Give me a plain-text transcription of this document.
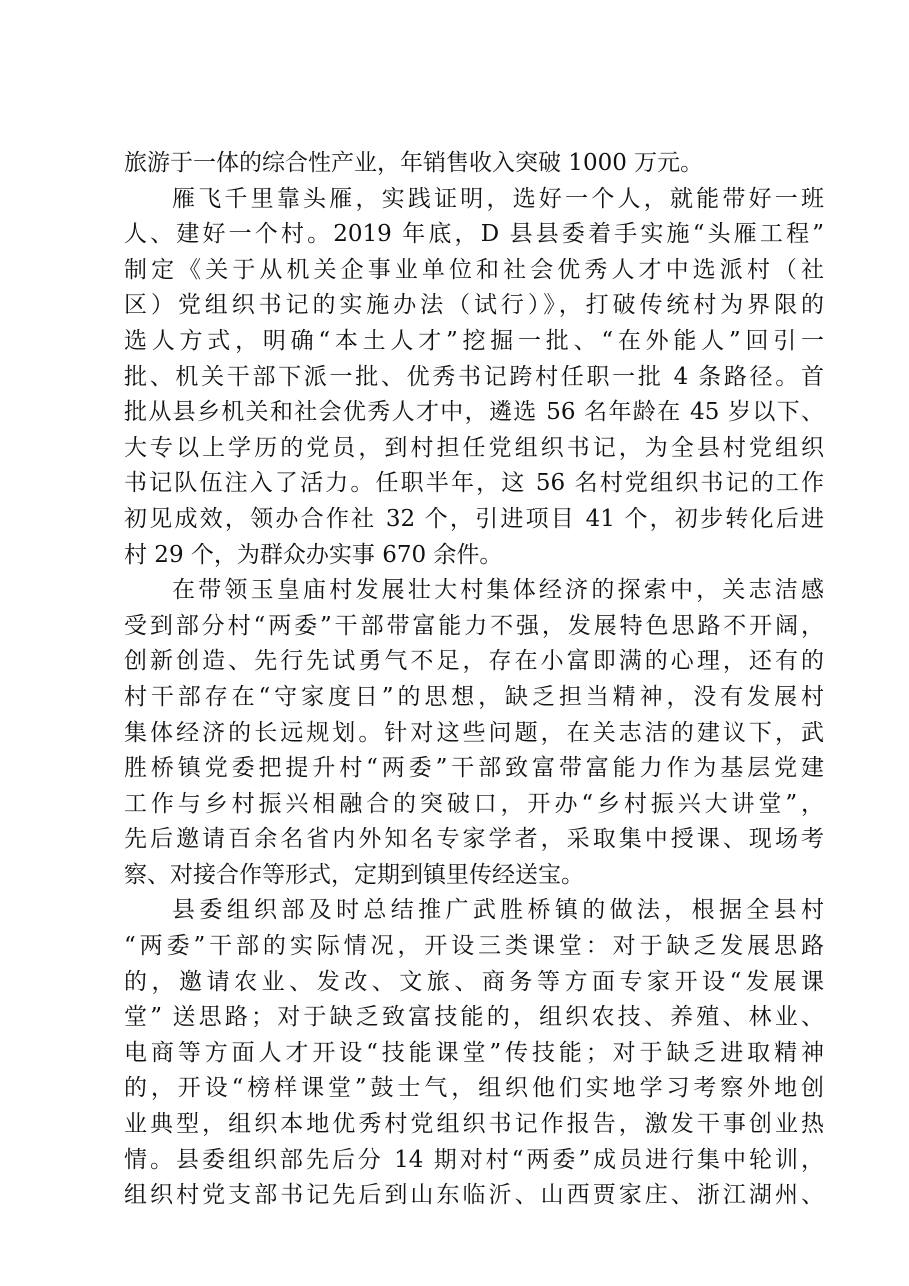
旅游于一体的综合性产业，年销售收入突破 1000 万元。
雁飞千里靠头雁，实践证明，选好一个人，就能带好一班
人、建好一个村。2019 年底，D 县县委着手实施“头雁工程”
制定《关于从机关企事业单位和社会优秀人才中选派村（社
区）党组织书记的实施办法（试行）》，打破传统村为界限的
选人方式，明确“本土人才”挖掘一批、“在外能人”回引一
批、机关干部下派一批、优秀书记跨村任职一批 4 条路径。首
批从县乡机关和社会优秀人才中，遴选 56 名年龄在 45 岁以下、
大专以上学历的党员，到村担任党组织书记，为全县村党组织
书记队伍注入了活力。任职半年，这 56 名村党组织书记的工作
初见成效，领办合作社 32 个，引进项目 41 个，初步转化后进
村 29 个，为群众办实事 670 余件。
在带领玉皇庙村发展壮大村集体经济的探索中，关志洁感
受到部分村“两委”干部带富能力不强，发展特色思路不开阔，
创新创造、先行先试勇气不足，存在小富即满的心理，还有的
村干部存在“守家度日”的思想，缺乏担当精神，没有发展村
集体经济的长远规划。针对这些问题，在关志洁的建议下，武
胜桥镇党委把提升村“两委”干部致富带富能力作为基层党建
工作与乡村振兴相融合的突破口，开办“乡村振兴大讲堂”，
先后邀请百余名省内外知名专家学者，采取集中授课、现场考
察、对接合作等形式，定期到镇里传经送宝。
县委组织部及时总结推广武胜桥镇的做法，根据全县村
“两委”干部的实际情况，开设三类课堂：对于缺乏发展思路
的，邀请农业、发改、文旅、商务等方面专家开设“发展课
堂” 送思路；对于缺乏致富技能的，组织农技、养殖、林业、
电商等方面人才开设“技能课堂”传技能；对于缺乏进取精神
的，开设“榜样课堂”鼓士气，组织他们实地学习考察外地创
业典型，组织本地优秀村党组织书记作报告，激发干事创业热
情。县委组织部先后分 14 期对村“两委”成员进行集中轮训，
组织村党支部书记先后到山东临沂、山西贾家庄、浙江湖州、
